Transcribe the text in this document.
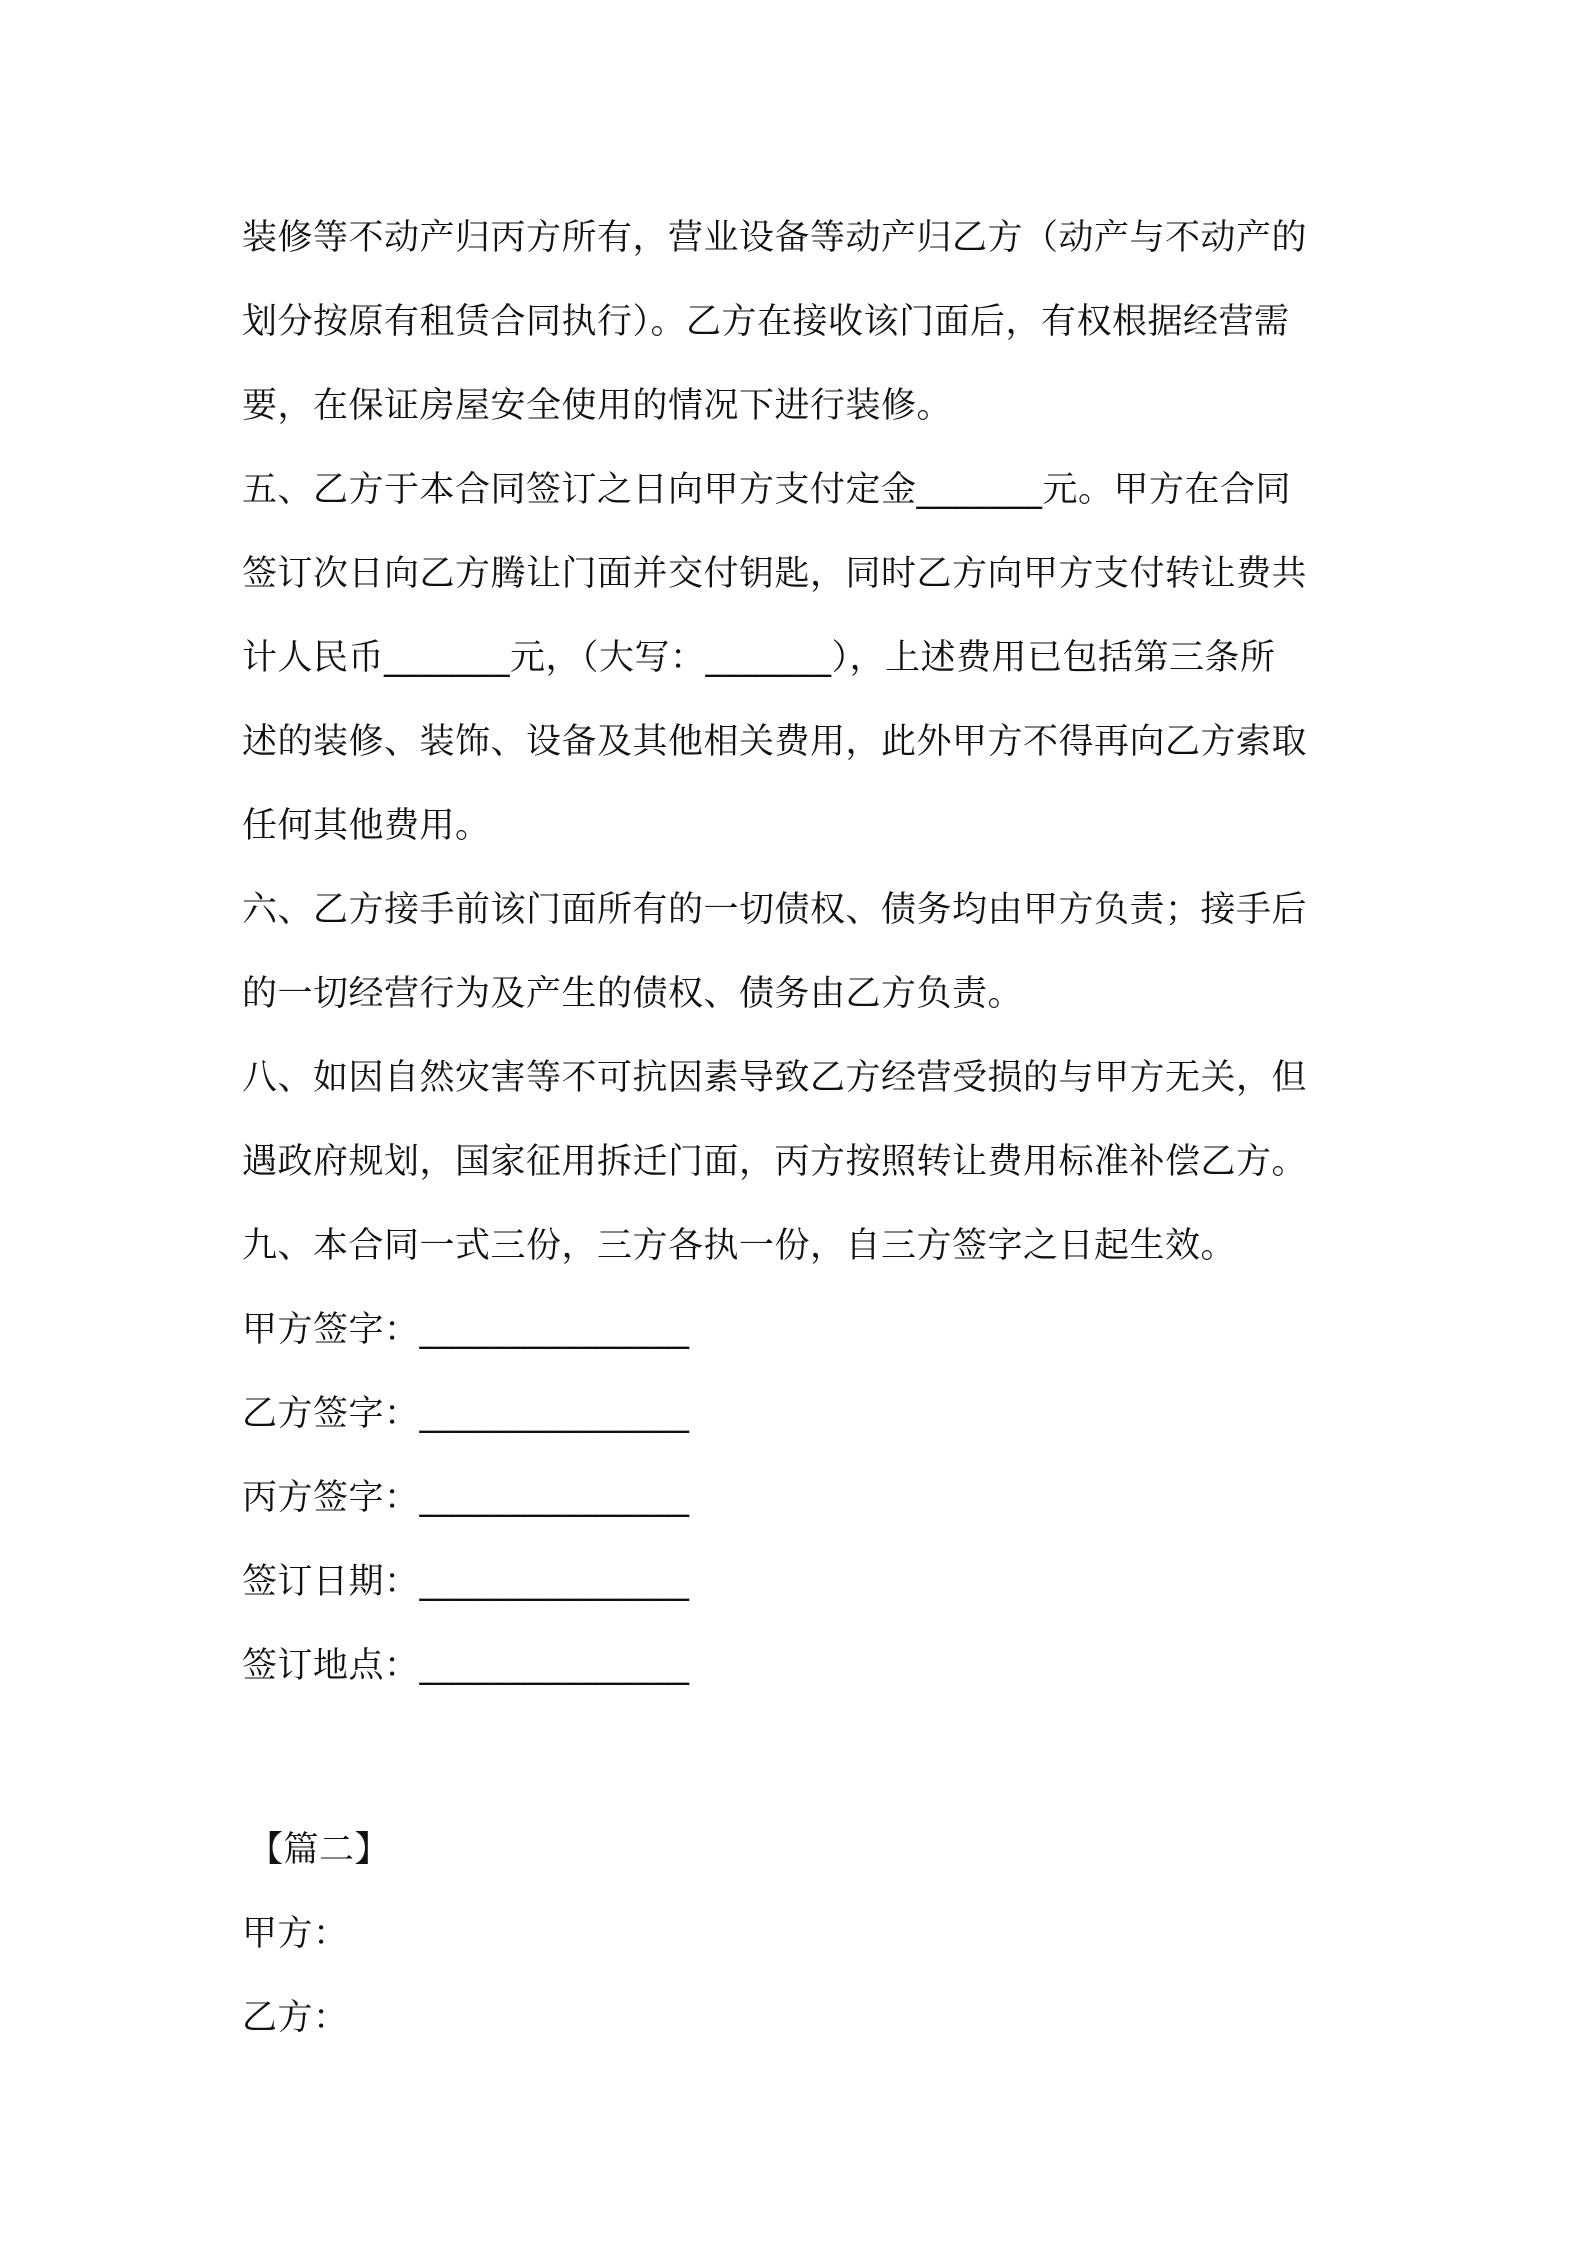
装修等不动产归丙方所有，营业设备等动产归乙方（动产与不动产的
划分按原有租赁合同执行）。乙方在接收该门面后，有权根据经营需
要，在保证房屋安全使用的情况下进行装修。
五、乙方于本合同签订之日向甲方支付定金_______元。甲方在合同
签订次日向乙方腾让门面并交付钥匙，同时乙方向甲方支付转让费共
计人民币_______元，（大写：_______），上述费用已包括第三条所
述的装修、装饰、设备及其他相关费用，此外甲方不得再向乙方索取
任何其他费用。
六、乙方接手前该门面所有的一切债权、债务均由甲方负责；接手后
的一切经营行为及产生的债权、债务由乙方负责。
八、如因自然灾害等不可抗因素导致乙方经营受损的与甲方无关，但
遇政府规划，国家征用拆迁门面，丙方按照转让费用标准补偿乙方。
九、本合同一式三份，三方各执一份，自三方签字之日起生效。
甲方签字：_______________
乙方签字：_______________
丙方签字：_______________
签订日期：_______________
签订地点：_______________
【篇二】
甲方：
乙方：
